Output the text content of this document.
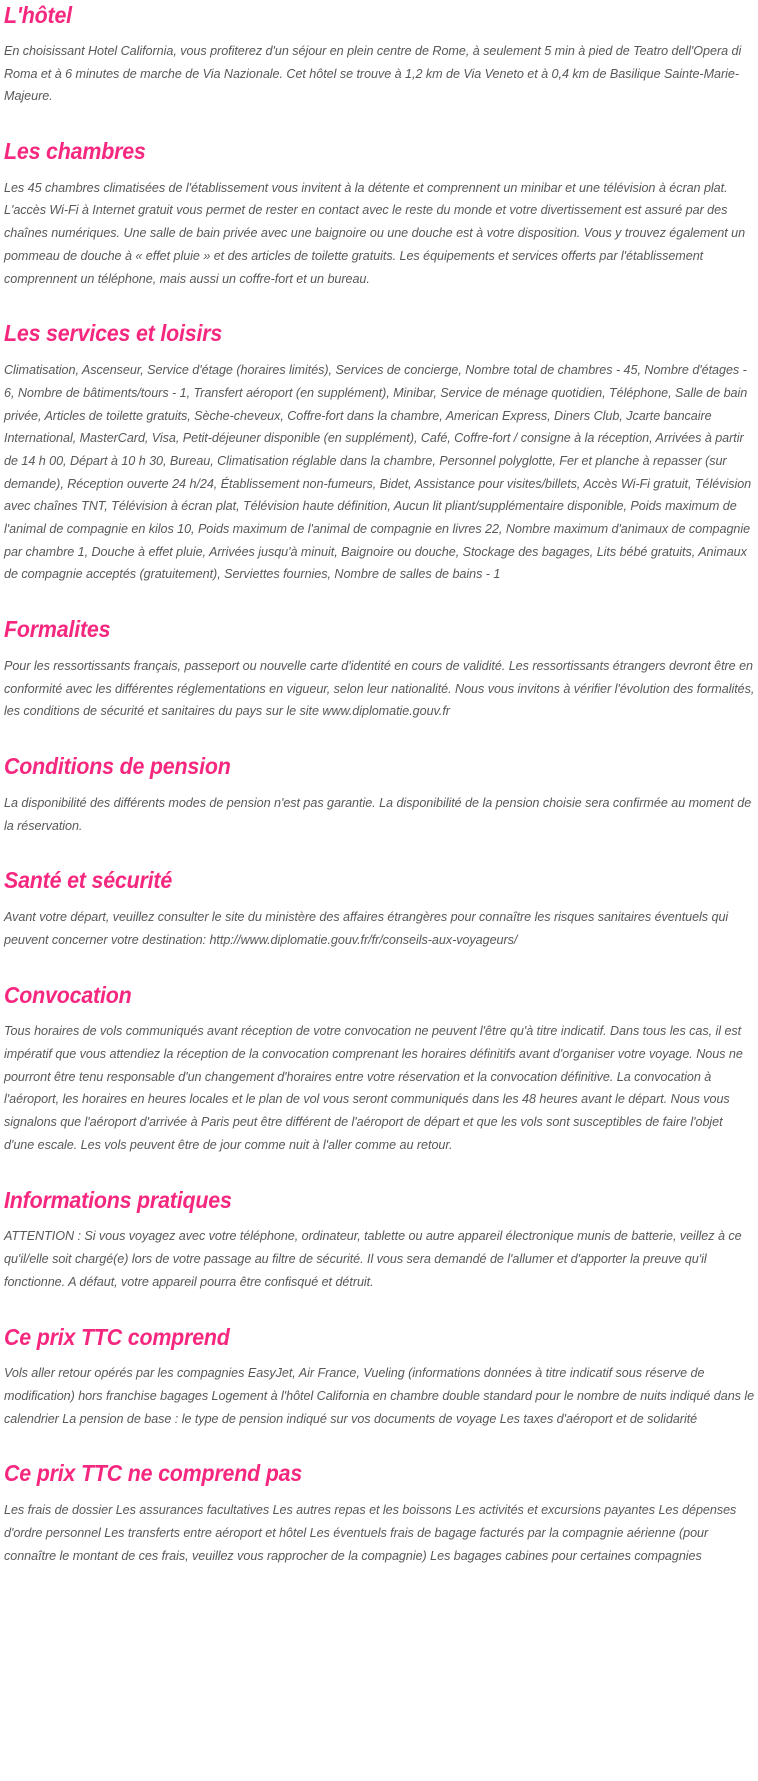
L'hôtel

En choisissant Hotel California, vous profiterez d'un séjour en plein centre de Rome, à seulement 5 min à pied de Teatro dell'Opera di Roma et à 6 minutes de marche de Via Nazionale. Cet hôtel se trouve à 1,2 km de Via Veneto et à 0,4 km de Basilique Sainte-Marie-Majeure.

Les chambres

Les 45 chambres climatisées de l'établissement vous invitent à la détente et comprennent un minibar et une télévision à écran plat. L'accès Wi-Fi à Internet gratuit vous permet de rester en contact avec le reste du monde et votre divertissement est assuré par des chaînes numériques. Une salle de bain privée avec une baignoire ou une douche est à votre disposition. Vous y trouvez également un pommeau de douche à « effet pluie » et des articles de toilette gratuits. Les équipements et services offerts par l'établissement comprennent un téléphone, mais aussi un coffre-fort et un bureau.

Les services et loisirs

Climatisation, Ascenseur, Service d'étage (horaires limités), Services de concierge, Nombre total de chambres - 45, Nombre d'étages - 6, Nombre de bâtiments/tours - 1, Transfert aéroport (en supplément), Minibar, Service de ménage quotidien, Téléphone, Salle de bain privée, Articles de toilette gratuits, Sèche-cheveux, Coffre-fort dans la chambre, American Express, Diners Club, Jcarte bancaire International, MasterCard, Visa, Petit-déjeuner disponible (en supplément), Café, Coffre-fort / consigne à la réception, Arrivées à partir de 14 h 00, Départ à 10 h 30, Bureau, Climatisation réglable dans la chambre, Personnel polyglotte, Fer et planche à repasser (sur demande), Réception ouverte 24 h/24, Établissement non-fumeurs, Bidet, Assistance pour visites/billets, Accès Wi-Fi gratuit, Télévision avec chaînes TNT, Télévision à écran plat, Télévision haute définition, Aucun lit pliant/supplémentaire disponible, Poids maximum de l'animal de compagnie en kilos 10, Poids maximum de l'animal de compagnie en livres 22, Nombre maximum d'animaux de compagnie par chambre 1, Douche à effet pluie, Arrivées jusqu'à minuit, Baignoire ou douche, Stockage des bagages, Lits bébé gratuits, Animaux de compagnie acceptés (gratuitement), Serviettes fournies, Nombre de salles de bains - 1

Formalites

Pour les ressortissants français, passeport ou nouvelle carte d'identité en cours de validité. Les ressortissants étrangers devront être en conformité avec les différentes réglementations en vigueur, selon leur nationalité. Nous vous invitons à vérifier l'évolution des formalités, les conditions de sécurité et sanitaires du pays sur le site www.diplomatie.gouv.fr

Conditions de pension

La disponibilité des différents modes de pension n'est pas garantie. La disponibilité de la pension choisie sera confirmée au moment de la réservation.

Santé et sécurité

Avant votre départ, veuillez consulter le site du ministère des affaires étrangères pour connaître les risques sanitaires éventuels qui peuvent concerner votre destination: http://www.diplomatie.gouv.fr/fr/conseils-aux-voyageurs/

Convocation

Tous horaires de vols communiqués avant réception de votre convocation ne peuvent l'être qu'à titre indicatif. Dans tous les cas, il est impératif que vous attendiez la réception de la convocation comprenant les horaires définitifs avant d'organiser votre voyage. Nous ne pourront être tenu responsable d'un changement d'horaires entre votre réservation et la convocation définitive. La convocation à l'aéroport, les horaires en heures locales et le plan de vol vous seront communiqués dans les 48 heures avant le départ. Nous vous signalons que l'aéroport d'arrivée à Paris peut être différent de l'aéroport de départ et que les vols sont susceptibles de faire l'objet d'une escale. Les vols peuvent être de jour comme nuit à l'aller comme au retour.

Informations pratiques

ATTENTION : Si vous voyagez avec votre téléphone, ordinateur, tablette ou autre appareil électronique munis de batterie, veillez à ce qu'il/elle soit chargé(e) lors de votre passage au filtre de sécurité. Il vous sera demandé de l'allumer et d'apporter la preuve qu'il fonctionne. A défaut, votre appareil pourra être confisqué et détruit.

Ce prix TTC comprend

Vols aller retour opérés par les compagnies EasyJet, Air France, Vueling (informations données à titre indicatif sous réserve de modification) hors franchise bagages Logement à l'hôtel California en chambre double standard pour le nombre de nuits indiqué dans le calendrier La pension de base : le type de pension indiqué sur vos documents de voyage Les taxes d'aéroport et de solidarité

Ce prix TTC ne comprend pas

Les frais de dossier Les assurances facultatives Les autres repas et les boissons Les activités et excursions payantes Les dépenses d'ordre personnel Les transferts entre aéroport et hôtel Les éventuels frais de bagage facturés par la compagnie aérienne (pour connaître le montant de ces frais, veuillez vous rapprocher de la compagnie) Les bagages cabines pour certaines compagnies
